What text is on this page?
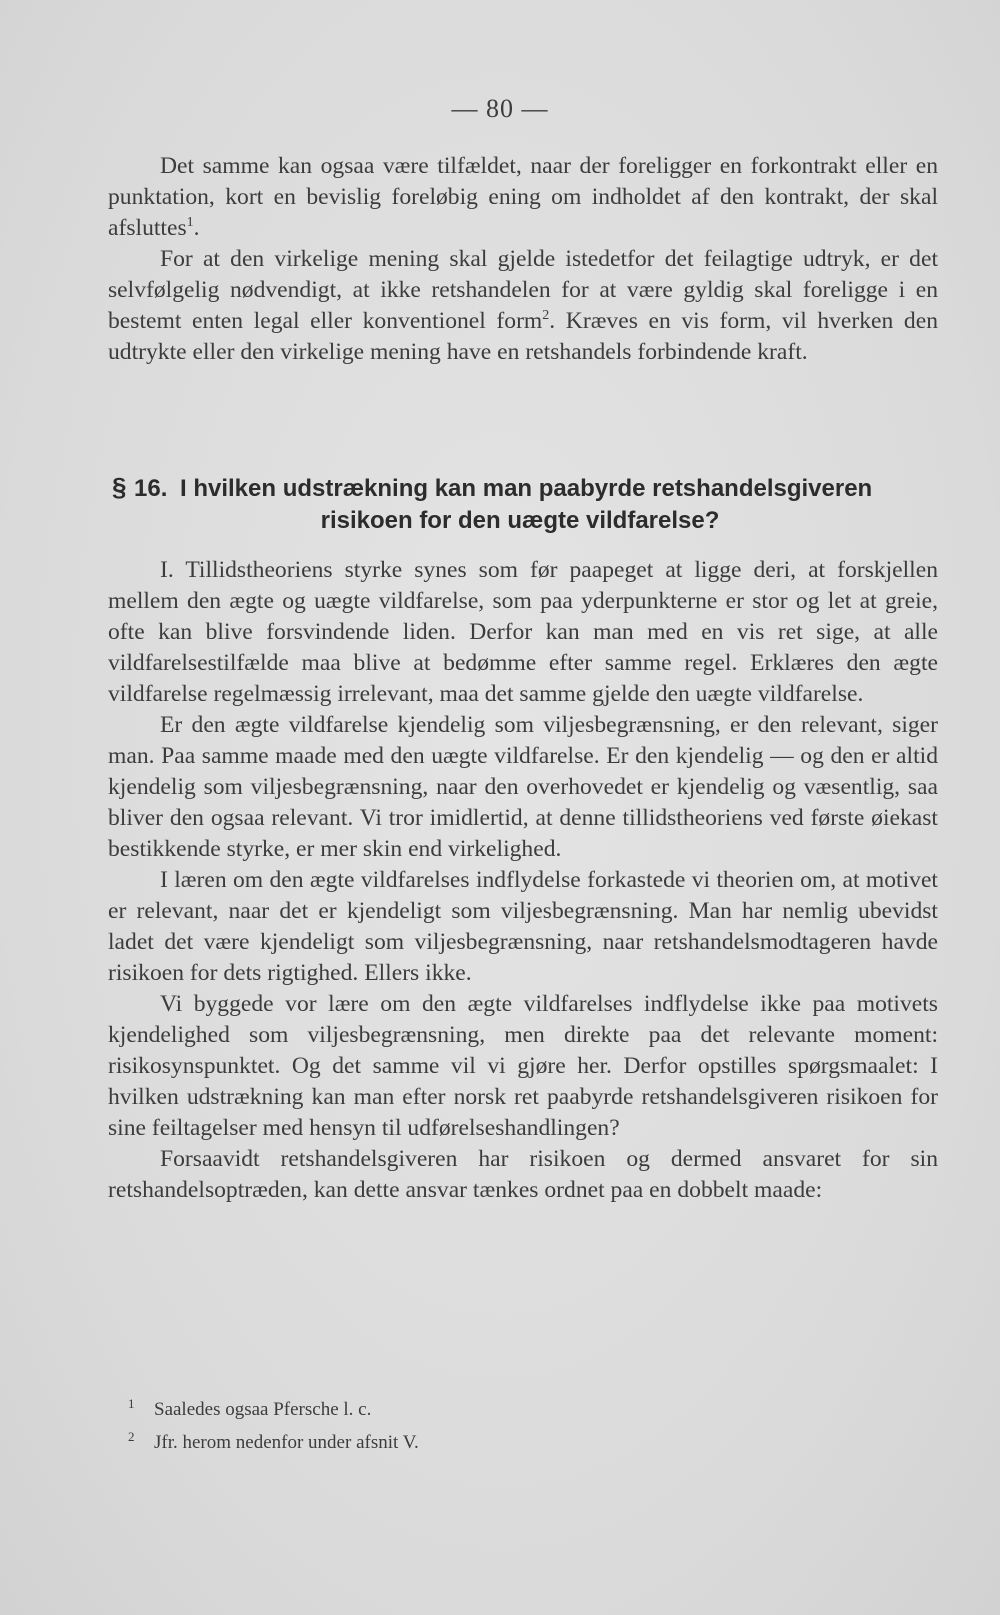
— 80 —

Det samme kan ogsaa være tilfældet, naar der foreligger en forkontrakt eller en punktation, kort en bevislig foreløbig ening om indholdet af den kontrakt, der skal afsluttes$^1$.

For at den virkelige mening skal gjelde istedetfor det feilagtige udtryk, er det selvfølgelig nødvendigt, at ikke retshandelen for at være gyldig skal foreligge i en bestemt enten legal eller konventionel form$^2$. Kræves en vis form, vil hverken den udtrykte eller den virkelige mening have en retshandels forbindende kraft.

§ 16. I hvilken udstrækning kan man paabyrde retshandelsgiveren
risikoen for den uægte vildfarelse?

I. Tillidstheoriens styrke synes som før paapeget at ligge deri, at forskjellen mellem den ægte og uægte vildfarelse, som paa yderpunkterne er stor og let at greie, ofte kan blive forsvindende liden. Derfor kan man med en vis ret sige, at alle vildfarelsestilfælde maa blive at bedømme efter samme regel. Erklæres den ægte vildfarelse regelmæssig irrelevant, maa det samme gjelde den uægte vildfarelse.

Er den ægte vildfarelse kjendelig som viljesbegrænsning, er den relevant, siger man. Paa samme maade med den uægte vildfarelse. Er den kjendelig — og den er altid kjendelig som viljesbegrænsning, naar den overhovedet er kjendelig og væsentlig, saa bliver den ogsaa relevant. Vi tror imidlertid, at denne tillidstheoriens ved første øiekast bestikkende styrke, er mer skin end virkelighed.

I læren om den ægte vildfarelses indflydelse forkastede vi theorien om, at motivet er relevant, naar det er kjendeligt som viljesbegrænsning. Man har nemlig ubevidst ladet det være kjendeligt som viljesbegrænsning, naar retshandelsmodtageren havde risikoen for dets rigtighed. Ellers ikke.

Vi byggede vor lære om den ægte vildfarelses indflydelse ikke paa motivets kjendelighed som viljesbegrænsning, men direkte paa det relevante moment: risikosynspunktet. Og det samme vil vi gjøre her. Derfor opstilles spørgsmaalet: I hvilken udstrækning kan man efter norsk ret paabyrde retshandelsgiveren risikoen for sine feiltagelser med hensyn til udførelseshandlingen?

Forsaavidt retshandelsgiveren har risikoen og dermed ansvaret for sin retshandelsoptræden, kan dette ansvar tænkes ordnet paa en dobbelt maade:

1	Saaledes ogsaa Pfersche l. c.
2	Jfr. herom nedenfor under afsnit V.
